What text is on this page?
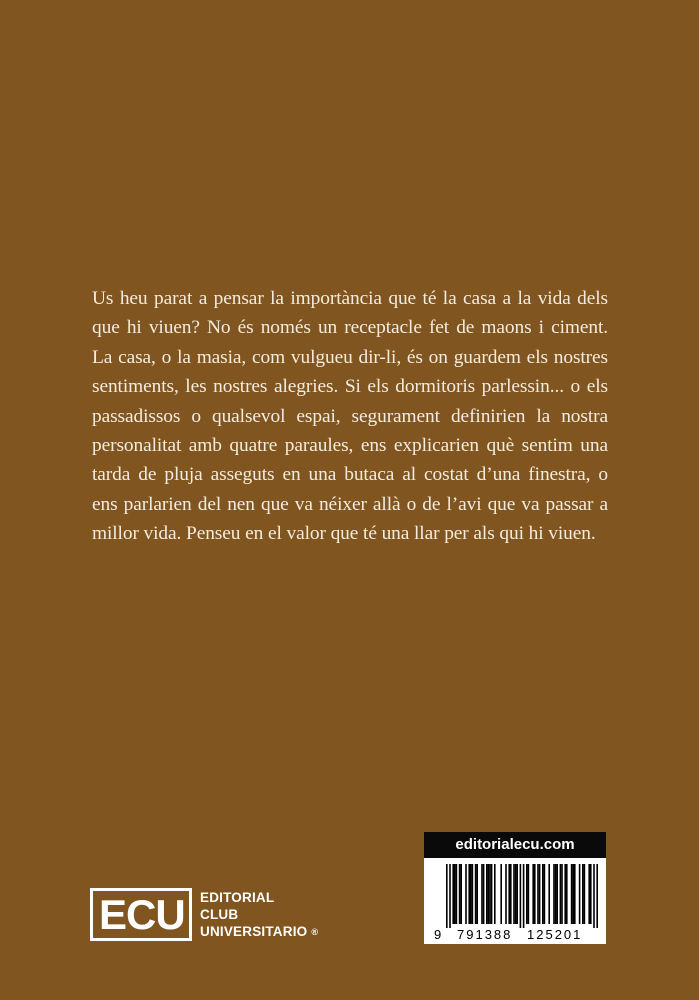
Us heu parat a pensar la importància que té la casa a la vida dels
que hi viuen? No és només un receptacle fet de maons i ciment.
La casa, o la masia, com vulgueu dir-li, és on guardem els nostres
sentiments, les nostres alegries. Si els dormitoris parlessin... o els
passadissos o qualsevol espai, segurament definirien la nostra
personalitat amb quatre paraules, ens explicarien què sentim una
tarda de pluja asseguts en una butaca al costat d’una finestra, o
ens parlarien del nen que va néixer allà o de l’avi que va passar a
millor vida. Penseu en el valor que té una llar per als qui hi viuen.
ECU EDITORIAL
CLUB
UNIVERSITARIO ®
editorialecu.com
9 791388 125201
